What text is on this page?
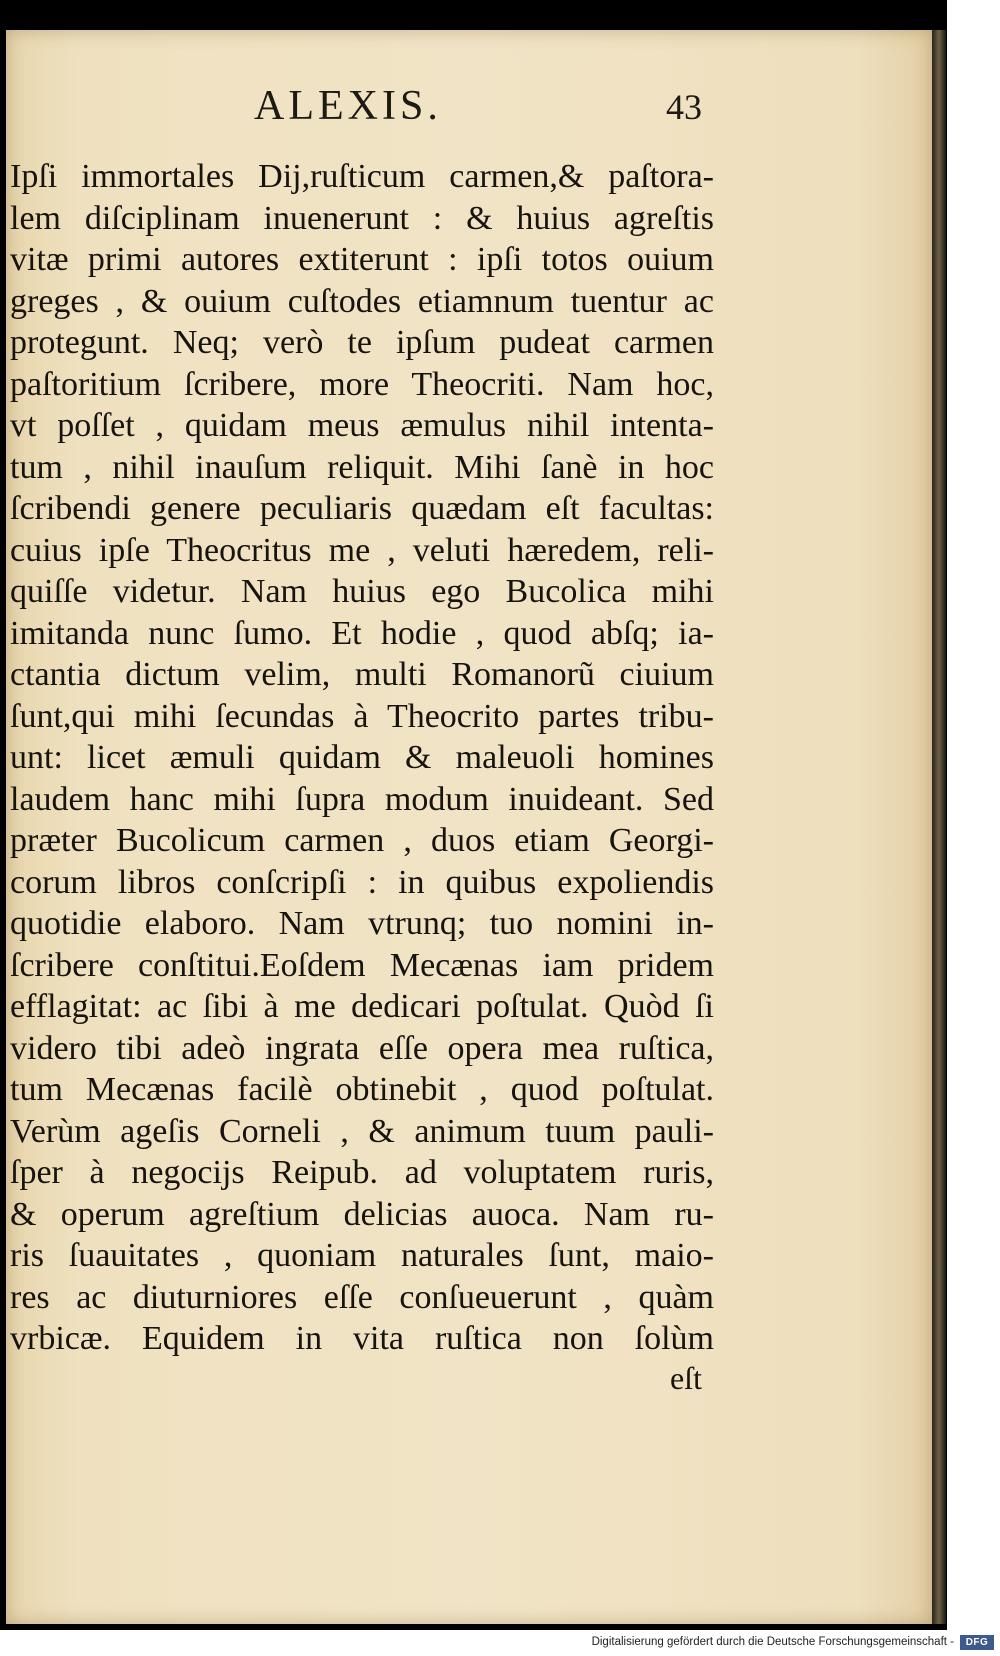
ALEXIS.	43
Ipſi immortales Dij,ruſticum carmen,& paſtora-
lem diſciplinam inuenerunt : & huius agreſtis
vitæ primi autores extiterunt : ipſi totos ouium
greges , & ouium cuſtodes etiamnum tuentur ac
protegunt. Neq; verò te ipſum pudeat carmen
paſtoritium ſcribere, more Theocriti. Nam hoc,
vt poſſet , quidam meus æmulus nihil intenta-
tum , nihil inauſum reliquit. Mihi ſanè in hoc
ſcribendi genere peculiaris quædam eſt facultas:
cuius ipſe Theocritus me , veluti hæredem, reli-
quiſſe videtur. Nam huius ego Bucolica mihi
imitanda nunc ſumo. Et hodie , quod abſq; ia-
ctantia dictum velim, multi Romanorũ ciuium
ſunt,qui mihi ſecundas à Theocrito partes tribu-
unt: licet æmuli quidam & maleuoli homines
laudem hanc mihi ſupra modum inuideant. Sed
præter Bucolicum carmen , duos etiam Georgi-
corum libros conſcripſi : in quibus expoliendis
quotidie elaboro. Nam vtrunq; tuo nomini in-
ſcribere conſtitui.Eoſdem Mecænas iam pridem
efflagitat: ac ſibi à me dedicari poſtulat. Quòd ſi
videro tibi adeò ingrata eſſe opera mea ruſtica,
tum Mecænas facilè obtinebit , quod poſtulat.
Verùm ageſis Corneli , & animum tuum pauli-
ſper à negocijs Reipub. ad voluptatem ruris,
& operum agreſtium delicias auoca. Nam ru-
ris ſuauitates , quoniam naturales ſunt, maio-
res ac diuturniores eſſe conſueuerunt , quàm
vrbicæ. Equidem in vita ruſtica non ſolùm
eſt
Digitalisierung gefördert durch die Deutsche Forschungsgemeinschaft -	DFG
